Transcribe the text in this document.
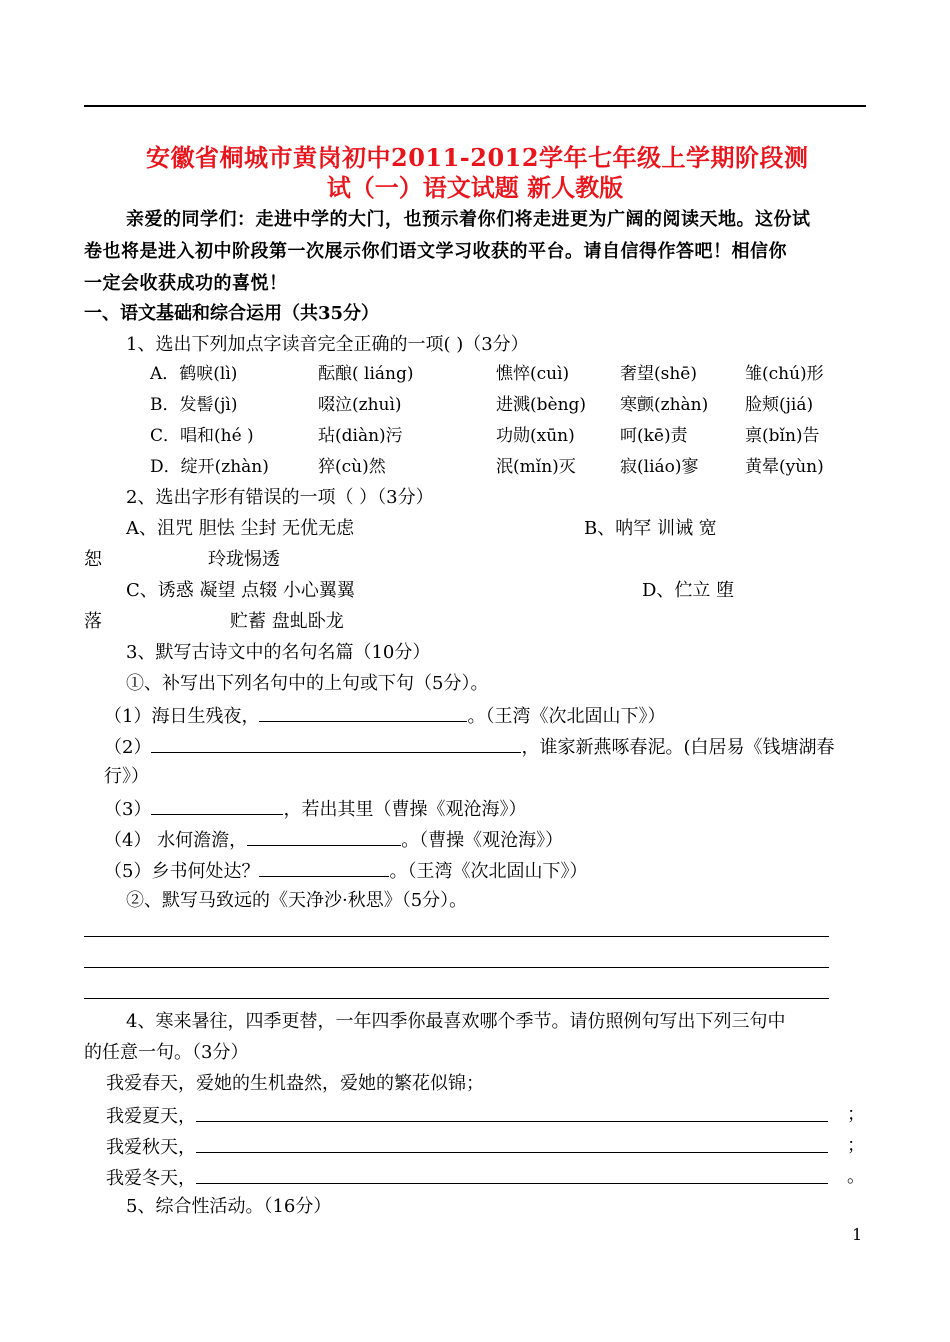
安徽省桐城市黄岗初中2011-2012学年七年级上学期阶段测
试（一）语文试题 新人教版
亲爱的同学们：走进中学的大门，也预示着你们将走进更为广阔的阅读天地。这份试
卷也将是进入初中阶段第一次展示你们语文学习收获的平台。请自信得作答吧！相信你
一定会收获成功的喜悦！
一、语文基础和综合运用（共35分）
1、选出下列加点字读音完全正确的一项( )（3分）
A．鹤唳(lì)	酝酿( liáng)	憔悴(cuì)	奢望(shē)	雏(chú)形
B．发髻(jì)	啜泣(zhuì)	进溅(bèng) 寒颤(zhàn) 脸颊(jiá)
C．唱和(hé )	玷(diàn)污	功勋(xūn)	呵(kē)责	禀(bǐn)告
D．绽开(zhàn)	猝(cù)然	泯(mǐn)灭	寂(liáo)寥	黄晕(yùn)
2、选出字形有错误的一项（ ）（3分）
A、沮咒 胆怯 尘封 无优无虑	B、呐罕 训诫 宽
恕	玲珑惕透
C、诱惑 凝望 点辍 小心翼翼	D、伫立 堕
落	贮蓄 盘虬卧龙
3、默写古诗文中的名句名篇（10分）
①、补写出下列名句中的上句或下句（5分）。
（1）海日生残夜，	。（王湾《次北固山下》）
（2）	，谁家新燕啄春泥。(白居易《钱塘湖春
行》）
（3）	，若出其里（曹操《观沧海》）
（4） 水何澹澹，	。（曹操《观沧海》）
（5）乡书何处达？	。（王湾《次北固山下》）
②、默写马致远的《天净沙·秋思》（5分）。
4、寒来暑往，四季更替，一年四季你最喜欢哪个季节。请仿照例句写出下列三句中
的任意一句。（3分）
我爱春天，爱她的生机盎然，爱她的繁花似锦；
我爱夏天，	；
我爱秋天，	；
我爱冬天，	。
5、综合性活动。（16分）
1
